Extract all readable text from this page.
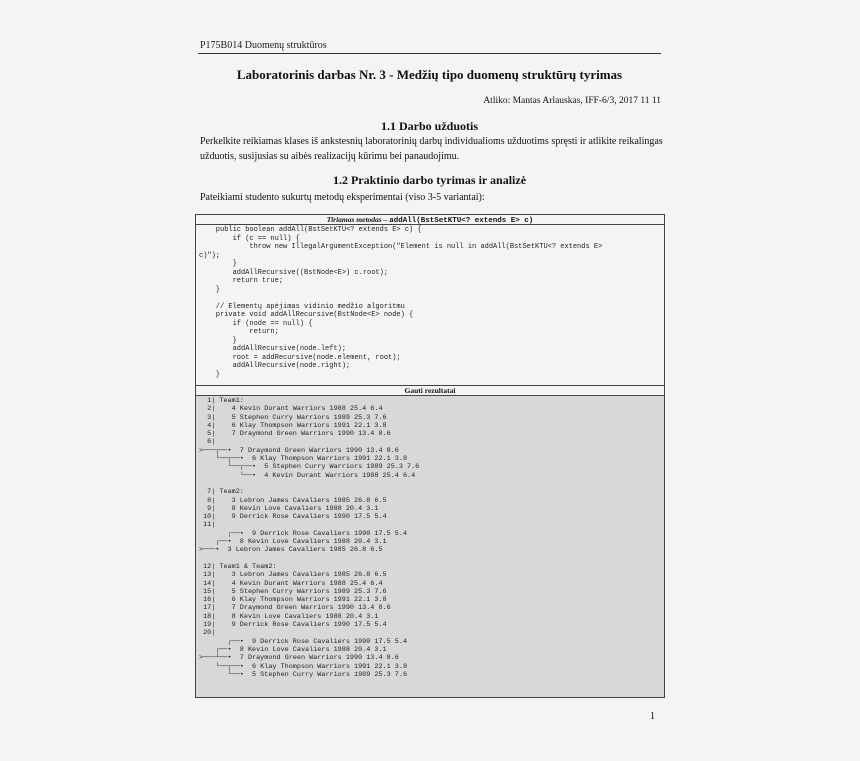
P175B014 Duomenų struktūros
Laboratorinis darbas Nr. 3 - Medžių tipo duomenų struktūrų tyrimas
Atliko: Mantas Arlauskas, IFF-6/3, 2017 11 11
1.1 Darbo užduotis
Perkelkite reikiamas klases iš ankstesnių laboratorinių darbų individualioms užduotims spręsti ir atlikite reikalingas užduotis, susijusias su aibės realizacijų kūrimu bei panaudojimu.
1.2 Praktinio darbo tyrimas ir analizė
Pateikiami studento sukurtų metodų eksperimentai (viso 3-5 variantai):
Tiriamas metodas – addAll(BstSetKTU<? extends E> c)
public boolean addAll(BstSetKTU<? extends E> c) {
if (c == null) {
throw new IllegalArgumentException("Element is null in addAll(BstSetKTU<? extends E>
c)");
}
addAllRecursive((BstNode<E>) c.root);
return true;
}

// Elementų apėjimas vidinio medžio algoritmu
private void addAllRecursive(BstNode<E> node) {
if (node == null) {
return;
}
addAllRecursive(node.left);
root = addRecursive(node.element, root);
addAllRecursive(node.right);
}
Gauti rezultatai
1| Team1:
2|    4 Kevin Durant Warriors 1988 25.4 6.4
3|    5 Stephen Curry Warriors 1989 25.3 7.6
4|    6 Klay Thompson Warriors 1991 22.1 3.8
5|    7 Draymond Green Warriors 1990 13.4 8.6
6|
>───┬──•  7 Draymond Green Warriors 1990 13.4 8.6
└──┬──•  6 Klay Thompson Warriors 1991 22.1 3.8
└──┬──•  5 Stephen Curry Warriors 1989 25.3 7.6
└──•  4 Kevin Durant Warriors 1988 25.4 6.4

7| Team2:
8|    3 Lebron James Cavaliers 1985 26.8 6.5
9|    8 Kevin Love Cavaliers 1988 20.4 3.1
10|    9 Derrick Rose Cavaliers 1990 17.5 5.4
11|
┌──•  9 Derrick Rose Cavaliers 1990 17.5 5.4
┌──•  8 Kevin Love Cavaliers 1988 20.4 3.1
>───•  3 Lebron James Cavaliers 1985 26.8 6.5

12| Team1 & Team2:
13|    3 Lebron James Cavaliers 1985 26.8 6.5
14|    4 Kevin Durant Warriors 1988 25.4 6.4
15|    5 Stephen Curry Warriors 1989 25.3 7.6
16|    6 Klay Thompson Warriors 1991 22.1 3.8
17|    7 Draymond Green Warriors 1990 13.4 8.6
18|    8 Kevin Love Cavaliers 1988 20.4 3.1
19|    9 Derrick Rose Cavaliers 1990 17.5 5.4
20|
┌──•  9 Derrick Rose Cavaliers 1990 17.5 5.4
┌──•  8 Kevin Love Cavaliers 1988 20.4 3.1
>───┴──•  7 Draymond Green Warriors 1990 13.4 8.6
└──┬──•  6 Klay Thompson Warriors 1991 22.1 3.8
└──•  5 Stephen Curry Warriors 1989 25.3 7.6
1
